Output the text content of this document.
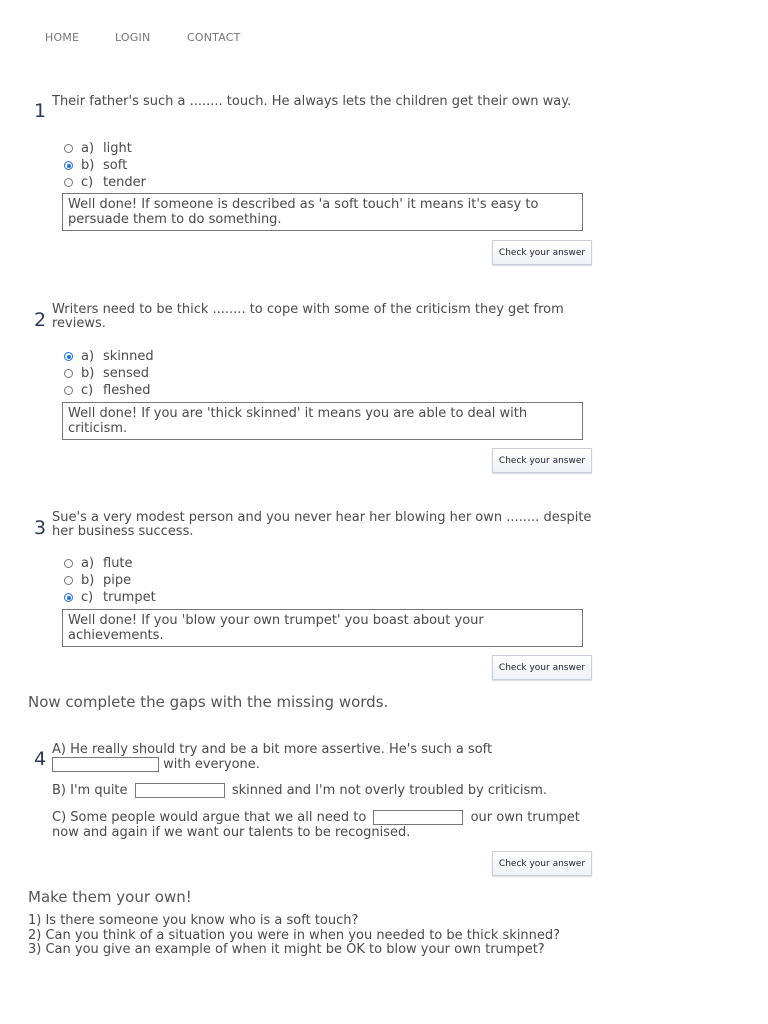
HOME	LOGIN	CONTACT
1 Their father's such a ........ touch. He always lets the children get their own way.
a) light
b) soft
c) tender
Well done! If someone is described as 'a soft touch' it means it's easy to persuade them to do something.
Check your answer
2 Writers need to be thick ........ to cope with some of the criticism they get from reviews.
a) skinned
b) sensed
c) fleshed
Well done! If you are 'thick skinned' it means you are able to deal with criticism.
Check your answer
3 Sue's a very modest person and you never hear her blowing her own ........ despite her business success.
a) flute
b) pipe
c) trumpet
Well done! If you 'blow your own trumpet' you boast about your achievements.
Check your answer
Now complete the gaps with the missing words.
4 A) He really should try and be a bit more assertive. He's such a soft
with everyone.
B) I'm quite	skinned and I'm not overly troubled by criticism.
C) Some people would argue that we all need to	our own trumpet
now and again if we want our talents to be recognised.
Check your answer
Make them your own!
1) Is there someone you know who is a soft touch?
2) Can you think of a situation you were in when you needed to be thick skinned?
3) Can you give an example of when it might be OK to blow your own trumpet?
